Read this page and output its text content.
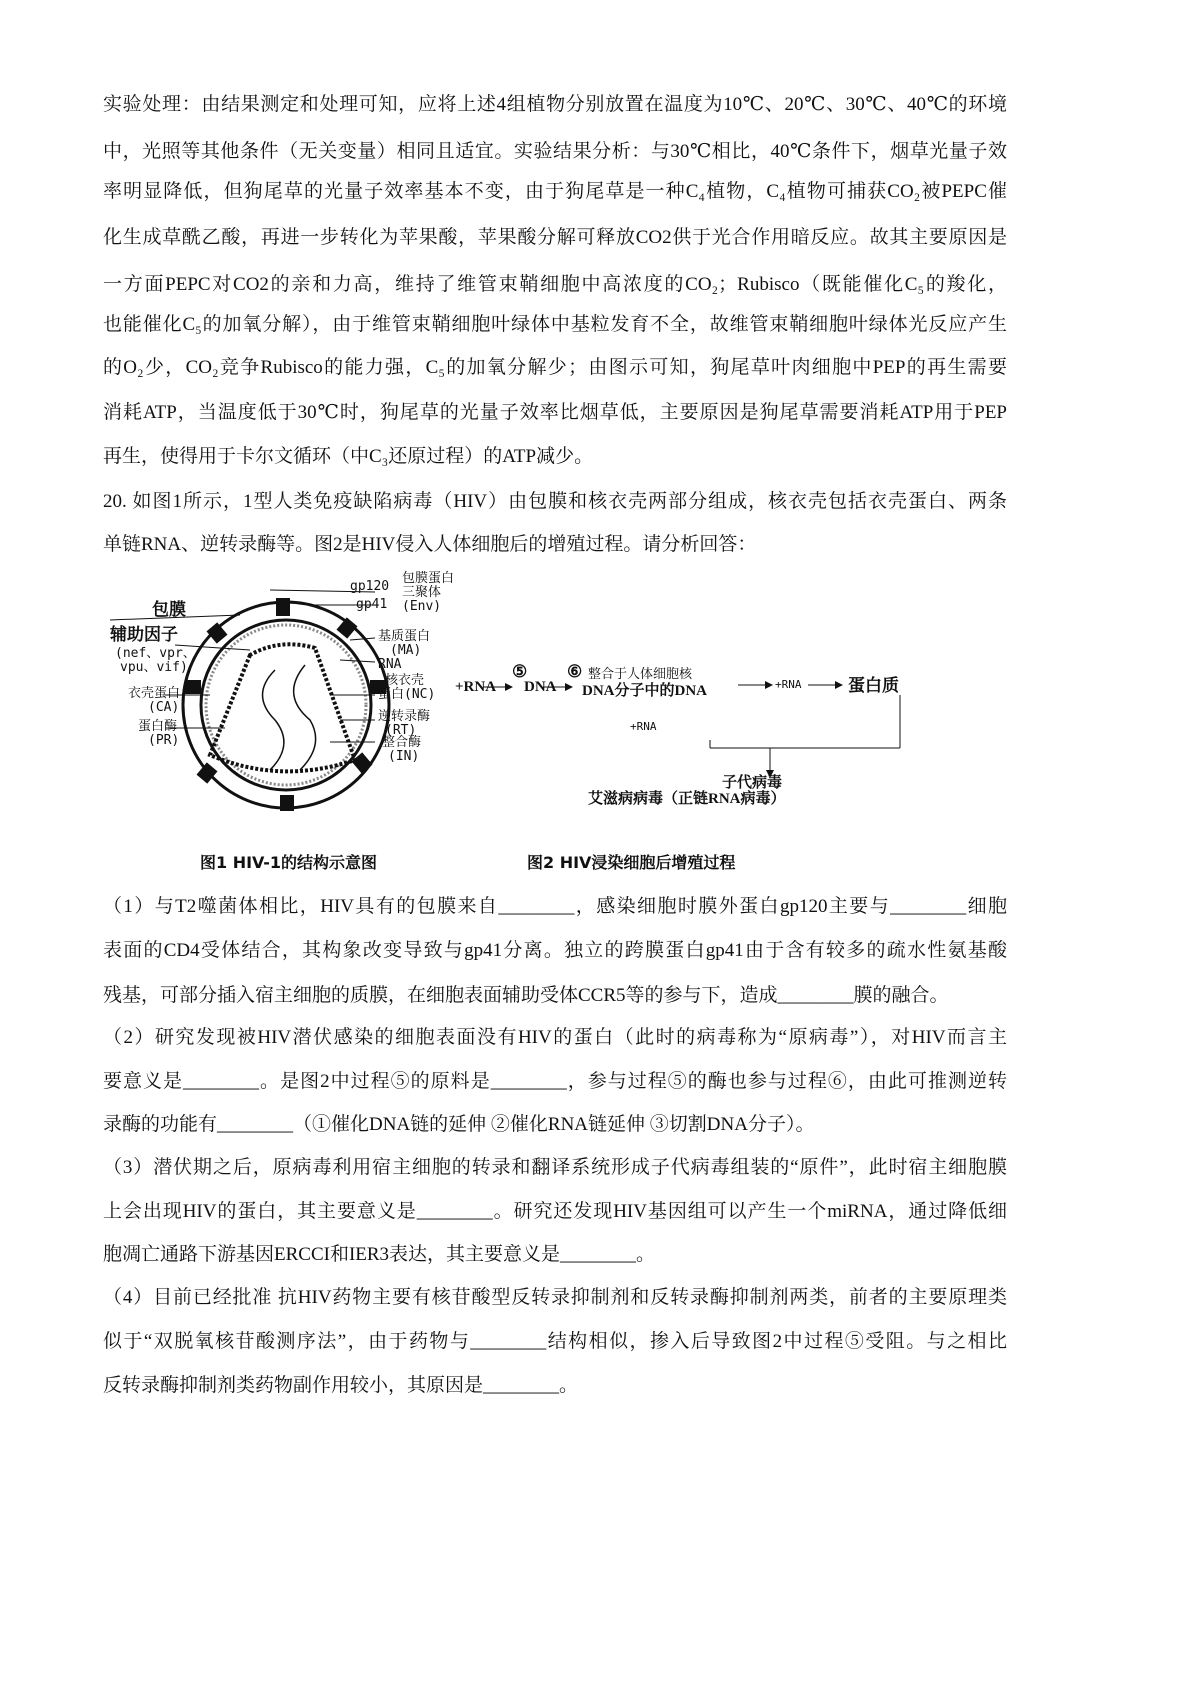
实验处理：由结果测定和处理可知，应将上述4组植物分别放置在温度为10℃、20℃、30℃、40℃的环境
中，光照等其他条件（无关变量）相同且适宜。实验结果分析：与30℃相比，40℃条件下，烟草光量子效
率明显降低，但狗尾草的光量子效率基本不变，由于狗尾草是一种C₄植物，C₄植物可捕获CO₂被PEPC催
化生成草酰乙酸，再进一步转化为苹果酸，苹果酸分解可释放CO2供于光合作用暗反应。故其主要原因是
一方面PEPC对CO2的亲和力高，维持了维管束鞘细胞中高浓度的CO₂；Rubisco（既能催化C₅的羧化，
也能催化C₅的加氧分解），由于维管束鞘细胞叶绿体中基粒发育不全，故维管束鞘细胞叶绿体光反应产生
的O₂少，CO₂竞争Rubisco的能力强，C₅的加氧分解少；由图示可知，狗尾草叶肉细胞中PEP的再生需要
消耗ATP，当温度低于30℃时，狗尾草的光量子效率比烟草低，主要原因是狗尾草需要消耗ATP用于PEP
再生，使得用于卡尔文循环（中C₃还原过程）的ATP减少。
20. 如图1所示，1型人类免疫缺陷病毒（HIV）由包膜和核衣壳两部分组成，核衣壳包括衣壳蛋白、两条
单链RNA、逆转录酶等。图2是HIV侵入人体细胞后的增殖过程。请分析回答：
gp120
gp41
包膜蛋白
三聚体
(Env)
包膜
辅助因子
(nef、vpr、
vpu、vif)
衣壳蛋白
(CA)
蛋白酶
(PR)
基质蛋白
(MA)
RNA
核衣壳
蛋白(NC)
逆转录酶
(RT)
整合酶
(IN)
+RNA
⑤
DNA
⑥ 整合于人体细胞核
DNA分子中的DNA	+RNA	蛋白质
+RNA
子代病毒
艾滋病病毒（正链RNA病毒）
图1 HIV-1的结构示意图	图2 HIV浸染细胞后增殖过程
（1）与T2噬菌体相比，HIV具有的包膜来自________，感染细胞时膜外蛋白gp120主要与________细胞
表面的CD4受体结合，其构象改变导致与gp41分离。独立的跨膜蛋白gp41由于含有较多的疏水性氨基酸
残基，可部分插入宿主细胞的质膜，在细胞表面辅助受体CCR5等的参与下，造成________膜的融合。
（2）研究发现被HIV潜伏感染的细胞表面没有HIV的蛋白（此时的病毒称为“原病毒”），对HIV而言主
要意义是________。是图2中过程⑤的原料是________，参与过程⑤的酶也参与过程⑥，由此可推测逆转
录酶的功能有________（①催化DNA链的延伸 ②催化RNA链延伸 ③切割DNA分子）。
（3）潜伏期之后，原病毒利用宿主细胞的转录和翻译系统形成子代病毒组装的“原件”，此时宿主细胞膜
上会出现HIV的蛋白，其主要意义是________。研究还发现HIV基因组可以产生一个miRNA，通过降低细
胞凋亡通路下游基因ERCCI和IER3表达，其主要意义是________。
（4）目前已经批准 抗HIV药物主要有核苷酸型反转录抑制剂和反转录酶抑制剂两类，前者的主要原理类
似于“双脱氧核苷酸测序法”，由于药物与________结构相似，掺入后导致图2中过程⑤受阻。与之相比
反转录酶抑制剂类药物副作用较小，其原因是________。
